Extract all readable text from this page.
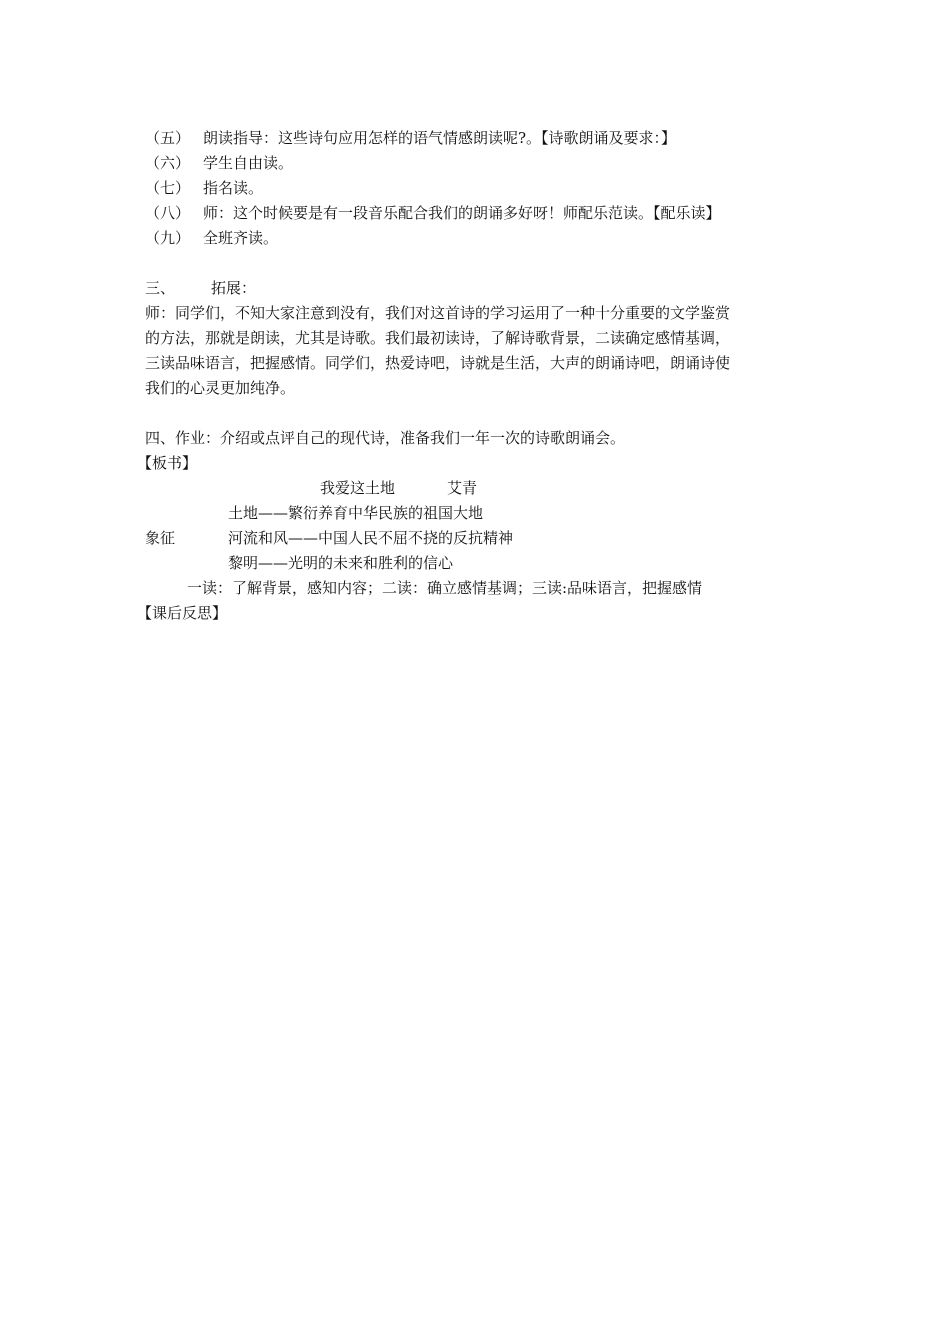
（五） 朗读指导：这些诗句应用怎样的语气情感朗读呢?。【诗歌朗诵及要求：】
（六） 学生自由读。
（七） 指名读。
（八） 师：这个时候要是有一段音乐配合我们的朗诵多好呀！师配乐范读。【配乐读】
（九） 全班齐读。
三、 拓展：
师：同学们，不知大家注意到没有，我们对这首诗的学习运用了一种十分重要的文学鉴赏
的方法，那就是朗读，尤其是诗歌。我们最初读诗，了解诗歌背景，二读确定感情基调，
三读品味语言，把握感情。同学们，热爱诗吧，诗就是生活，大声的朗诵诗吧，朗诵诗使
我们的心灵更加纯净。
四、作业：介绍或点评自己的现代诗，准备我们一年一次的诗歌朗诵会。
【板书】
我爱这土地	艾青
土地——繁衍养育中华民族的祖国大地
象征	河流和风——中国人民不屈不挠的反抗精神
黎明——光明的未来和胜利的信心
一读：了解背景，感知内容；二读：确立感情基调；三读:品味语言，把握感情
【课后反思】
